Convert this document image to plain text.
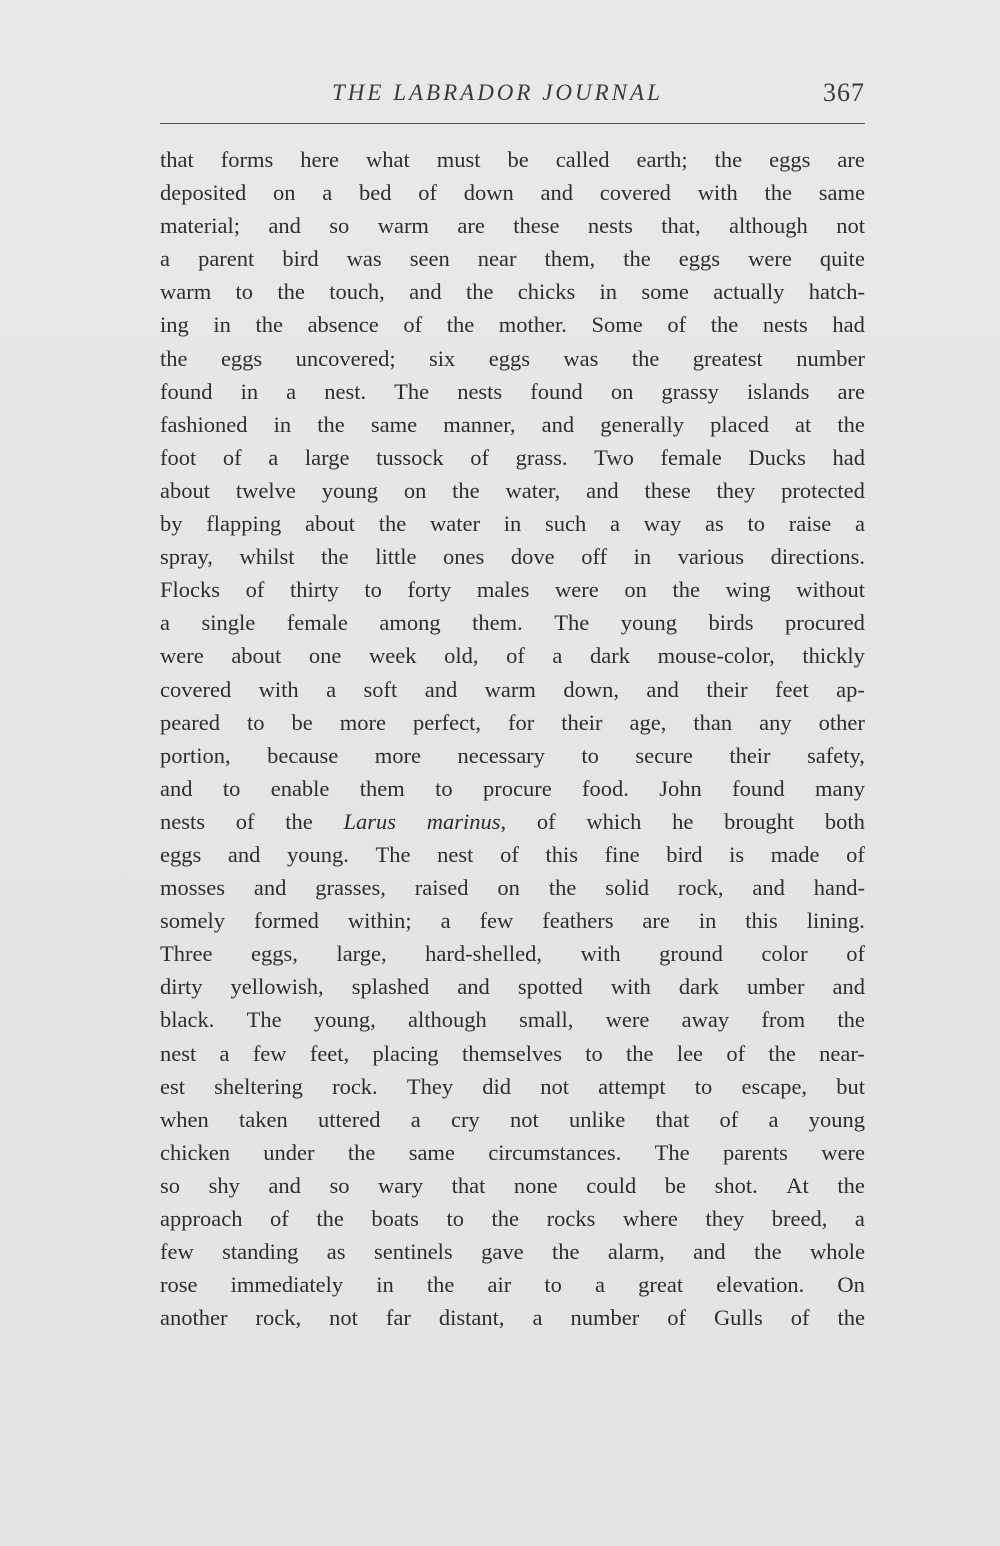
THE LABRADOR JOURNAL	367
that forms here what must be called earth; the eggs are
deposited on a bed of down and covered with the same
material; and so warm are these nests that, although not
a parent bird was seen near them, the eggs were quite
warm to the touch, and the chicks in some actually hatch-
ing in the absence of the mother. Some of the nests had
the eggs uncovered; six eggs was the greatest number
found in a nest. The nests found on grassy islands are
fashioned in the same manner, and generally placed at the
foot of a large tussock of grass. Two female Ducks had
about twelve young on the water, and these they protected
by flapping about the water in such a way as to raise a
spray, whilst the little ones dove off in various directions.
Flocks of thirty to forty males were on the wing without
a single female among them. The young birds procured
were about one week old, of a dark mouse-color, thickly
covered with a soft and warm down, and their feet ap-
peared to be more perfect, for their age, than any other
portion, because more necessary to secure their safety,
and to enable them to procure food. John found many
nests of the Larus marinus, of which he brought both
eggs and young. The nest of this fine bird is made of
mosses and grasses, raised on the solid rock, and hand-
somely formed within; a few feathers are in this lining.
Three eggs, large, hard-shelled, with ground color of
dirty yellowish, splashed and spotted with dark umber and
black. The young, although small, were away from the
nest a few feet, placing themselves to the lee of the near-
est sheltering rock. They did not attempt to escape, but
when taken uttered a cry not unlike that of a young
chicken under the same circumstances. The parents were
so shy and so wary that none could be shot. At the
approach of the boats to the rocks where they breed, a
few standing as sentinels gave the alarm, and the whole
rose immediately in the air to a great elevation. On
another rock, not far distant, a number of Gulls of the
